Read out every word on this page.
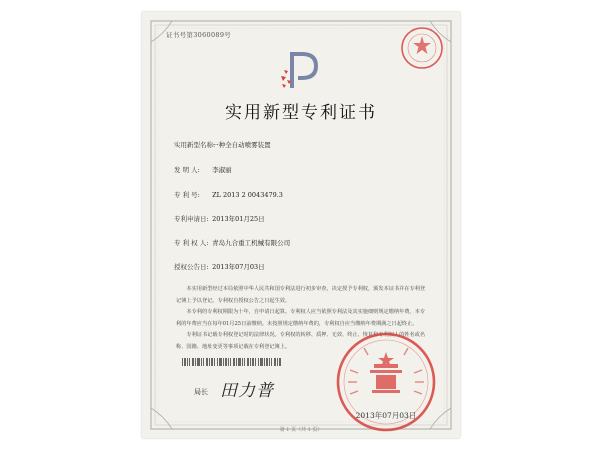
证书号第3060089号
实用新型专利证书
实用新型名称: 一种全自动喷雾装置
发 明 人: 李淑丽
专 利 号: ZL 2013 2 0043479.3
专利申请日: 2013年01月25日
专 利 权 人: 青岛九合重工机械有限公司
授权公告日: 2013年07月03日

本实用新型经过本局依照中华人民共和国专利法进行初步审查，决定授予专利权，颁发本证书并在专利登记簿上予以登记。专利权自授权公告之日起生效。

本专利的专利权期限为十年，自申请日起算。专利权人应当依照专利法及其实施细则规定缴纳年费。本专利的年费应当在每年01月25日前缴纳。未按照规定缴纳年费的，专利权自应当缴纳年费期满之日起终止。

专利证书记载专利权登记时的法律状况。专利权的转移、质押、无效、终止、恢复和专利权人的姓名或名称、国籍、地址变更等事项记载在专利登记簿上。

局长 田力普
2013年07月03日
第 1 页（共 1 页）
